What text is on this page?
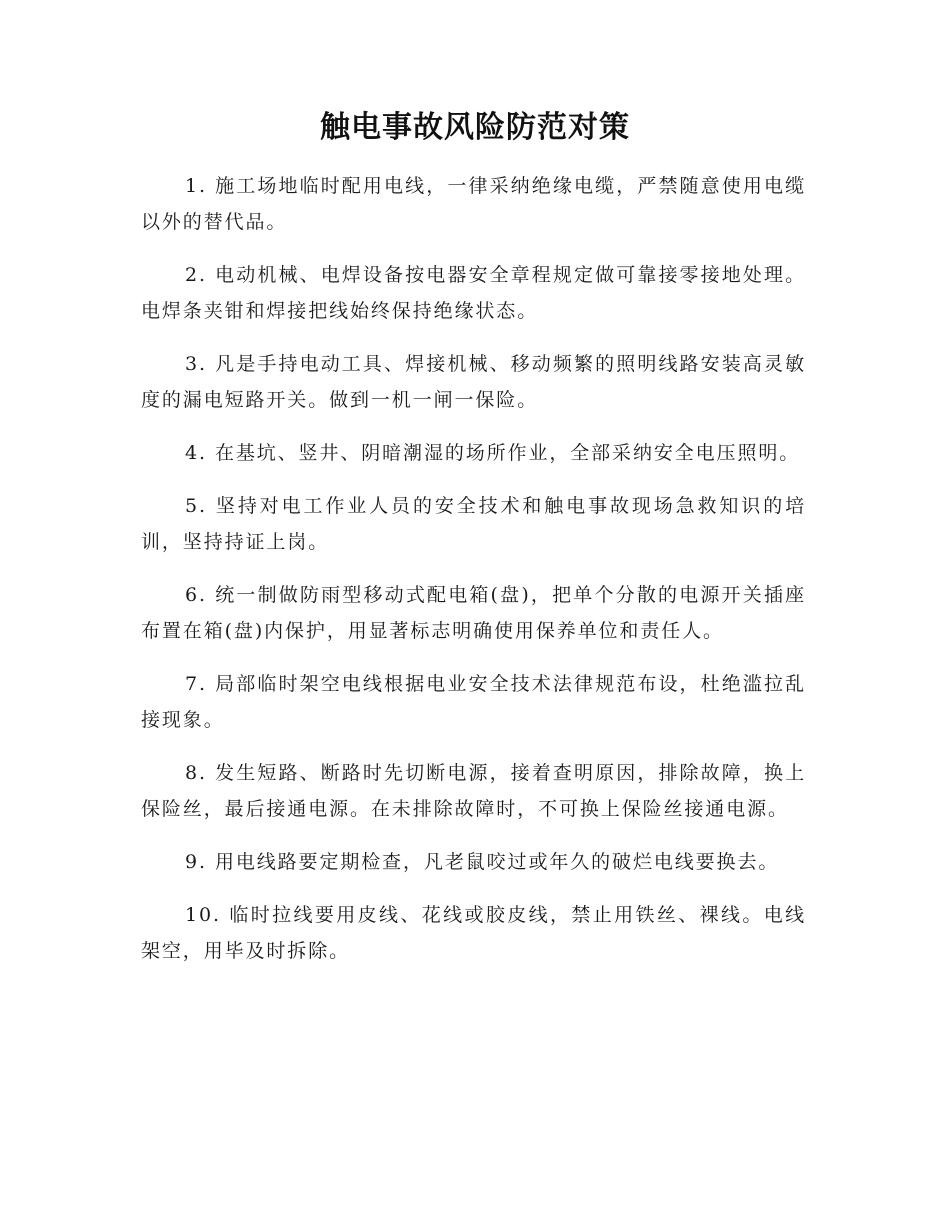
触电事故风险防范对策

1. 施工场地临时配用电线，一律采纳绝缘电缆，严禁随意使用电缆以外的替代品。

2. 电动机械、电焊设备按电器安全章程规定做可靠接零接地处理。电焊条夹钳和焊接把线始终保持绝缘状态。

3. 凡是手持电动工具、焊接机械、移动频繁的照明线路安装高灵敏度的漏电短路开关。做到一机一闸一保险。

4. 在基坑、竖井、阴暗潮湿的场所作业，全部采纳安全电压照明。

5. 坚持对电工作业人员的安全技术和触电事故现场急救知识的培训，坚持持证上岗。

6. 统一制做防雨型移动式配电箱(盘)，把单个分散的电源开关插座布置在箱(盘)内保护，用显著标志明确使用保养单位和责任人。

7. 局部临时架空电线根据电业安全技术法律规范布设，杜绝滥拉乱接现象。

8. 发生短路、断路时先切断电源，接着查明原因，排除故障，换上保险丝，最后接通电源。在未排除故障时，不可换上保险丝接通电源。

9. 用电线路要定期检查，凡老鼠咬过或年久的破烂电线要换去。

10. 临时拉线要用皮线、花线或胶皮线，禁止用铁丝、裸线。电线架空，用毕及时拆除。
